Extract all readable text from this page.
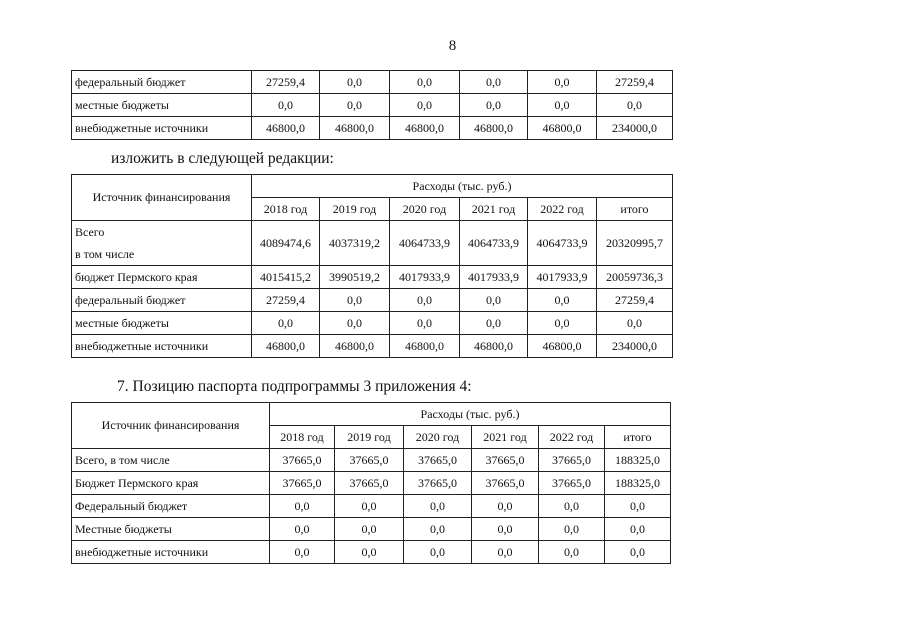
8
федеральный бюджет	27259,4	0,0	0,0	0,0	0,0	27259,4
местные бюджеты	0,0	0,0	0,0	0,0	0,0	0,0
внебюджетные источники	46800,0	46800,0	46800,0	46800,0	46800,0	234000,0
изложить в следующей редакции:
Источник финансирования	Расходы (тыс. руб.)					
	2018 год	2019 год	2020 год	2021 год	2022 год	итого
Всего	4089474,6	4037319,2	4064733,9	4064733,9	4064733,9	20320995,7
в том числе						
бюджет Пермского края	4015415,2	3990519,2	4017933,9	4017933,9	4017933,9	20059736,3
федеральный бюджет	27259,4	0,0	0,0	0,0	0,0	27259,4
местные бюджеты	0,0	0,0	0,0	0,0	0,0	0,0
внебюджетные источники	46800,0	46800,0	46800,0	46800,0	46800,0	234000,0
7. Позицию паспорта подпрограммы 3 приложения 4:
Источник финансирования	Расходы (тыс. руб.)					
	2018 год	2019 год	2020 год	2021 год	2022 год	итого
Всего, в том числе	37665,0	37665,0	37665,0	37665,0	37665,0	188325,0
Бюджет Пермского края	37665,0	37665,0	37665,0	37665,0	37665,0	188325,0
Федеральный бюджет	0,0	0,0	0,0	0,0	0,0	0,0
Местные бюджеты	0,0	0,0	0,0	0,0	0,0	0,0
внебюджетные источники	0,0	0,0	0,0	0,0	0,0	0,0
